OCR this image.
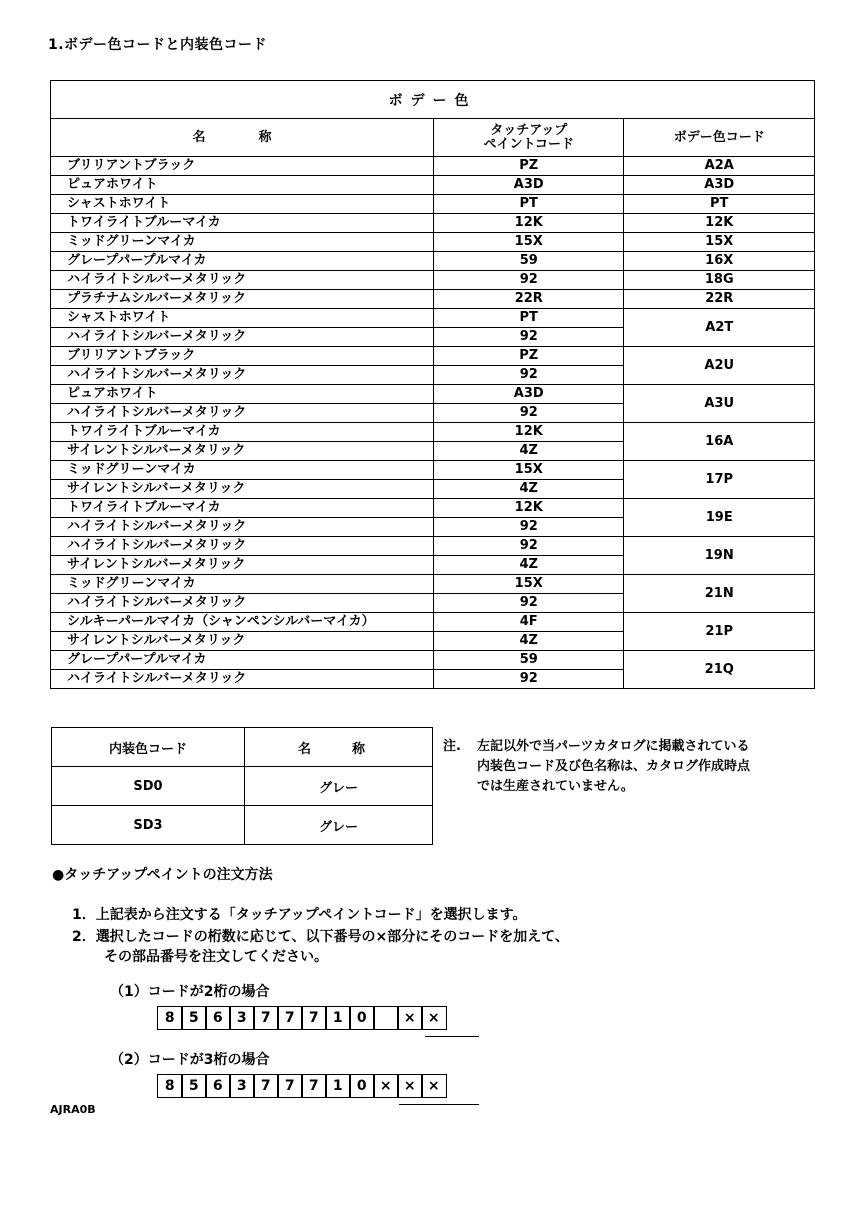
1.ボデー色コードと内装色コード
ボデー色		
名　称	タッチアップ
ペイントコード	ボデー色コード
ブリリアントブラック	PZ	A2A
ピュアホワイト	A3D	A3D
シャストホワイト	PT	PT
トワイライトブルーマイカ	12K	12K
ミッドグリーンマイカ	15X	15X
グレープパープルマイカ	59	16X
ハイライトシルバーメタリック	92	18G
プラチナムシルバーメタリック	22R	22R
シャストホワイト	PT	A2T
ハイライトシルバーメタリック	92	
ブリリアントブラック	PZ	A2U
ハイライトシルバーメタリック	92	
ピュアホワイト	A3D	A3U
ハイライトシルバーメタリック	92	
トワイライトブルーマイカ	12K	16A
サイレントシルバーメタリック	4Z	
ミッドグリーンマイカ	15X	17P
サイレントシルバーメタリック	4Z	
トワイライトブルーマイカ	12K	19E
ハイライトシルバーメタリック	92	
ハイライトシルバーメタリック	92	19N
サイレントシルバーメタリック	4Z	
ミッドグリーンマイカ	15X	21N
ハイライトシルバーメタリック	92	
シルキーパールマイカ（シャンペンシルバーマイカ）	4F	21P
サイレントシルバーメタリック	4Z	
グレープパープルマイカ	59	21Q
ハイライトシルバーメタリック	92	
内装色コード	名　称
SD0	グレー
SD3	グレー
注. 左記以外で当パーツカタログに掲載されている
内装色コード及び色名称は、カタログ作成時点
では生産されていません。
●タッチアップペイントの注文方法
1．上記表から注文する「タッチアップペイントコード」を選択します。
2．選択したコードの桁数に応じて、以下番号の×部分にそのコードを加えて、
その部品番号を注文してください。
（1）コードが2桁の場合
8	5	6	3	7	7	7	1	0	× ×
（2）コードが3桁の場合
8	5	6	3	7	7	7	1	0 × × ×
AJRA0B
